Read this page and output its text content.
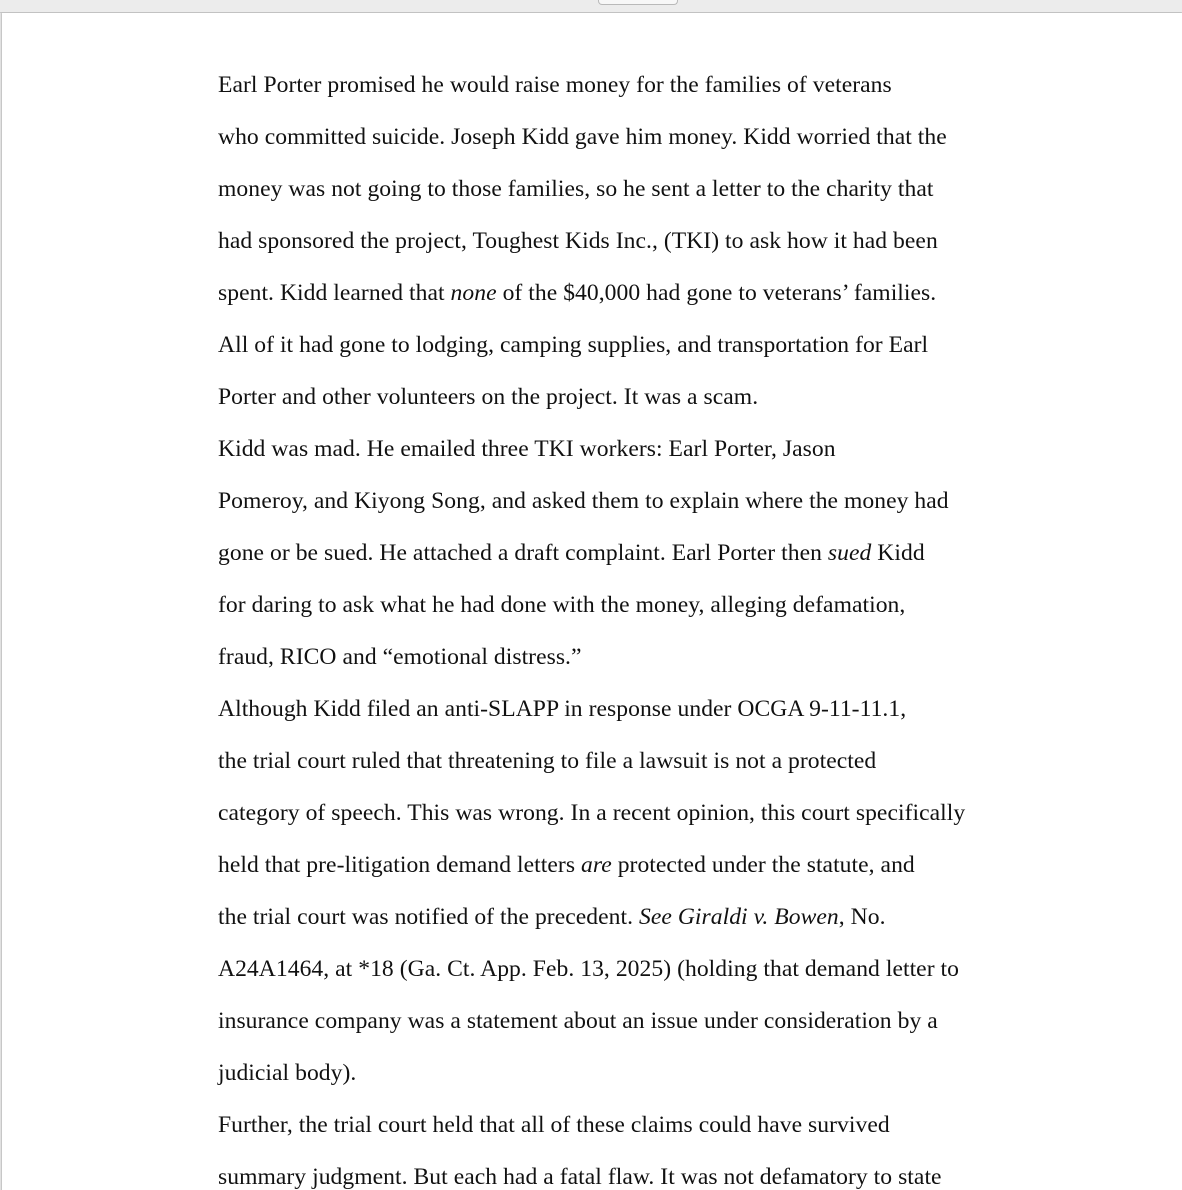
Earl Porter promised he would raise money for the families of veterans
who committed suicide. Joseph Kidd gave him money. Kidd worried that the
money was not going to those families, so he sent a letter to the charity that
had sponsored the project, Toughest Kids Inc., (TKI) to ask how it had been
spent. Kidd learned that none of the $40,000 had gone to veterans’ families.
All of it had gone to lodging, camping supplies, and transportation for Earl
Porter and other volunteers on the project. It was a scam.

Kidd was mad. He emailed three TKI workers: Earl Porter, Jason
Pomeroy, and Kiyong Song, and asked them to explain where the money had
gone or be sued. He attached a draft complaint. Earl Porter then sued Kidd
for daring to ask what he had done with the money, alleging defamation,
fraud, RICO and “emotional distress.”

Although Kidd filed an anti-SLAPP in response under OCGA 9-11-11.1,
the trial court ruled that threatening to file a lawsuit is not a protected
category of speech. This was wrong. In a recent opinion, this court specifically
held that pre-litigation demand letters are protected under the statute, and
the trial court was notified of the precedent. See Giraldi v. Bowen, No.
A24A1464, at *18 (Ga. Ct. App. Feb. 13, 2025) (holding that demand letter to
insurance company was a statement about an issue under consideration by a
judicial body).

Further, the trial court held that all of these claims could have survived
summary judgment. But each had a fatal flaw. It was not defamatory to state
